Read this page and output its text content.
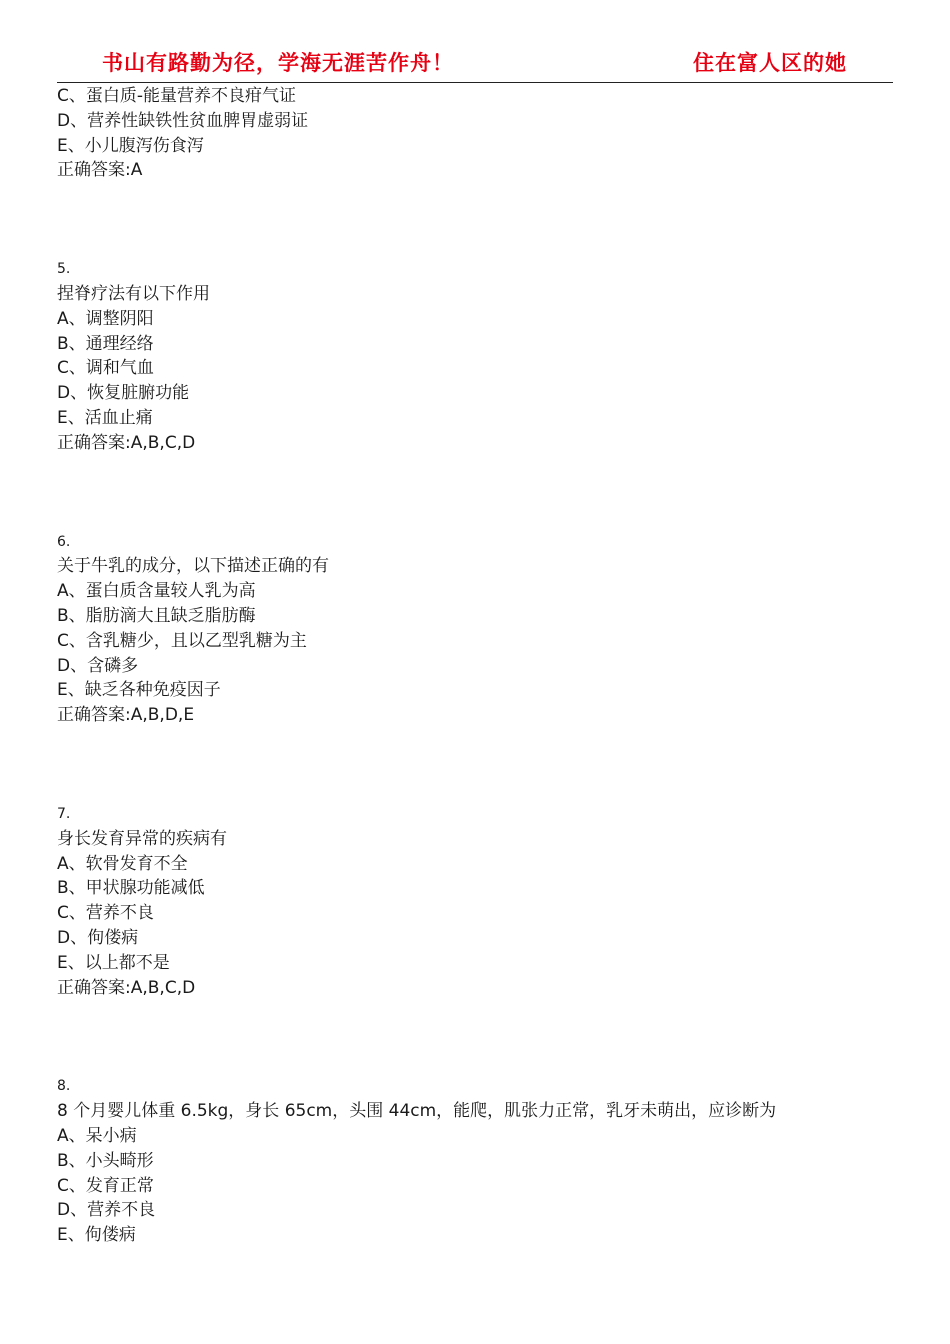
书山有路勤为径，学海无涯苦作舟！	住在富人区的她
C、蛋白质-能量营养不良疳气证
D、营养性缺铁性贫血脾胃虚弱证
E、小儿腹泻伤食泻
正确答案:A
5.
捏脊疗法有以下作用
A、调整阴阳
B、通理经络
C、调和气血
D、恢复脏腑功能
E、活血止痛
正确答案:A,B,C,D
6.
关于牛乳的成分，以下描述正确的有
A、蛋白质含量较人乳为高
B、脂肪滴大且缺乏脂肪酶
C、含乳糖少，且以乙型乳糖为主
D、含磷多
E、缺乏各种免疫因子
正确答案:A,B,D,E
7.
身长发育异常的疾病有
A、软骨发育不全
B、甲状腺功能减低
C、营养不良
D、佝偻病
E、以上都不是
正确答案:A,B,C,D
8.
8 个月婴儿体重 6.5kg，身长 65cm，头围 44cm，能爬，肌张力正常，乳牙未萌出，应诊断为
A、呆小病
B、小头畸形
C、发育正常
D、营养不良
E、佝偻病
